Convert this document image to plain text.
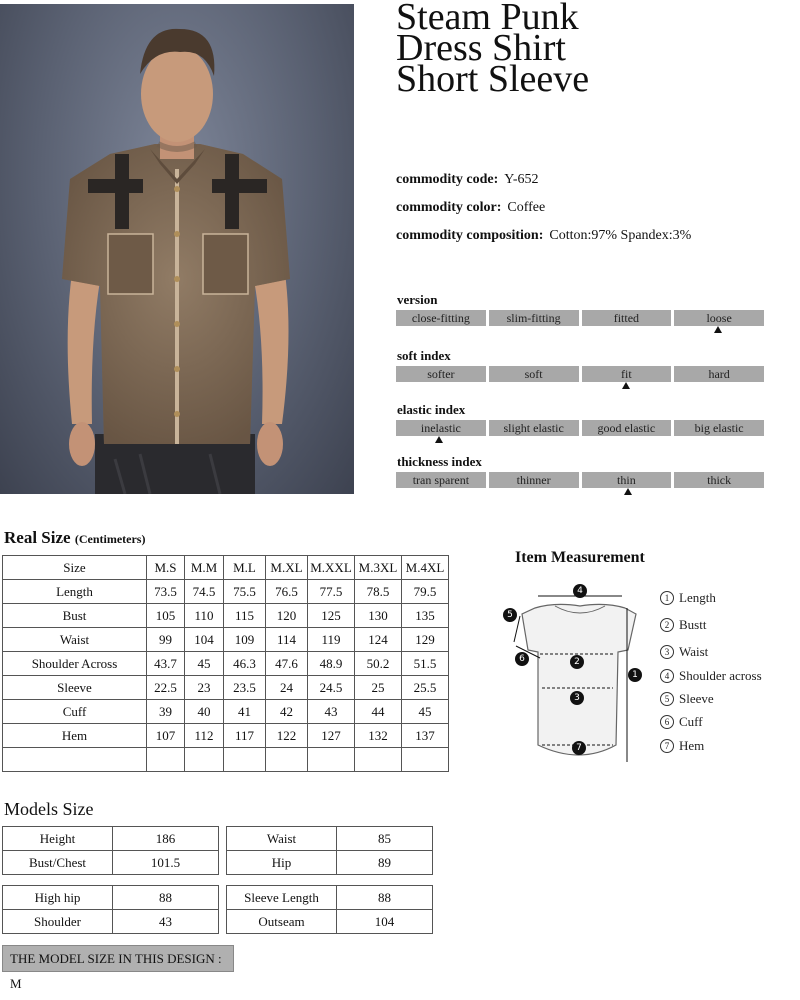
Steam Punk
Dress Shirt
Short Sleeve
commodity code: Y-652
commodity color: Coffee
commodity composition: Cotton:97% Spandex:3%
version
close-fitting	slim-fitting	fitted	loose
soft index
softer	soft	fit	hard
elastic index
inelastic	slight elastic	good elastic	big elastic
thickness index
tran sparent	thinner	thin	thick
Real Size (Centimeters)
Size	M.S	M.M	M.L	M.XL	M.XXL	M.3XL	M.4XL
Length	73.5	74.5	75.5	76.5	77.5	78.5	79.5
Bust	105	110	115	120	125	130	135
Waist	99	104	109	114	119	124	129
Shoulder Across	43.7	45	46.3	47.6	48.9	50.2	51.5
Sleeve	22.5	23	23.5	24	24.5	25	25.5
Cuff	39	40	41	42	43	44	45
Hem	107	112	117	122	127	132	137

Item Measurement
4
5
6	2
1
3
7
1 Length
2 Bustt
3 Waist
4 Shoulder across
5 Sleeve
6 Cuff
7 Hem
Models Size
Height	186
Bust/Chest	101.5
Waist	85
Hip	89
High hip	88
Shoulder	43
Sleeve Length	88
Outseam	104
THE MODEL SIZE IN THIS DESIGN : M
